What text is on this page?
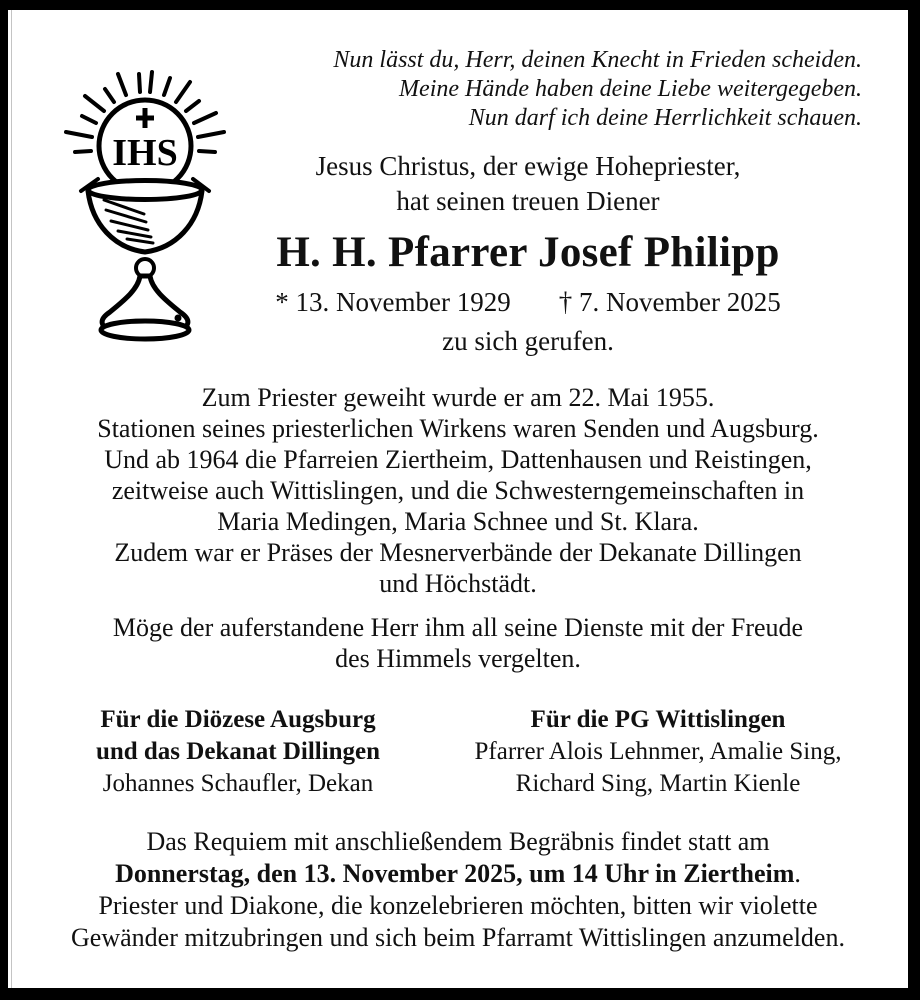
Nun lässt du, Herr, deinen Knecht in Frieden scheiden.
Meine Hände haben deine Liebe weitergegeben.
Nun darf ich deine Herrlichkeit schauen.
IHS	Jesus Christus, der ewige Hohepriester,
hat seinen treuen Diener
H. H. Pfarrer Josef Philipp
* 13. November 1929 † 7. November 2025
zu sich gerufen.
Zum Priester geweiht wurde er am 22. Mai 1955.
Stationen seines priesterlichen Wirkens waren Senden und Augsburg.
Und ab 1964 die Pfarreien Ziertheim, Dattenhausen und Reistingen,
zeitweise auch Wittislingen, und die Schwesterngemeinschaften in
Maria Medingen, Maria Schnee und St. Klara.
Zudem war er Präses der Mesnerverbände der Dekanate Dillingen
und Höchstädt.
Möge der auferstandene Herr ihm all seine Dienste mit der Freude
des Himmels vergelten.
Für die Diözese Augsburg
und das Dekanat Dillingen
Johannes Schaufler, Dekan
Für die PG Wittislingen
Pfarrer Alois Lehnmer, Amalie Sing,
Richard Sing, Martin Kienle
Das Requiem mit anschließendem Begräbnis findet statt am
Donnerstag, den 13. November 2025, um 14 Uhr in Ziertheim.
Priester und Diakone, die konzelebrieren möchten, bitten wir violette
Gewänder mitzubringen und sich beim Pfarramt Wittislingen anzumelden.
